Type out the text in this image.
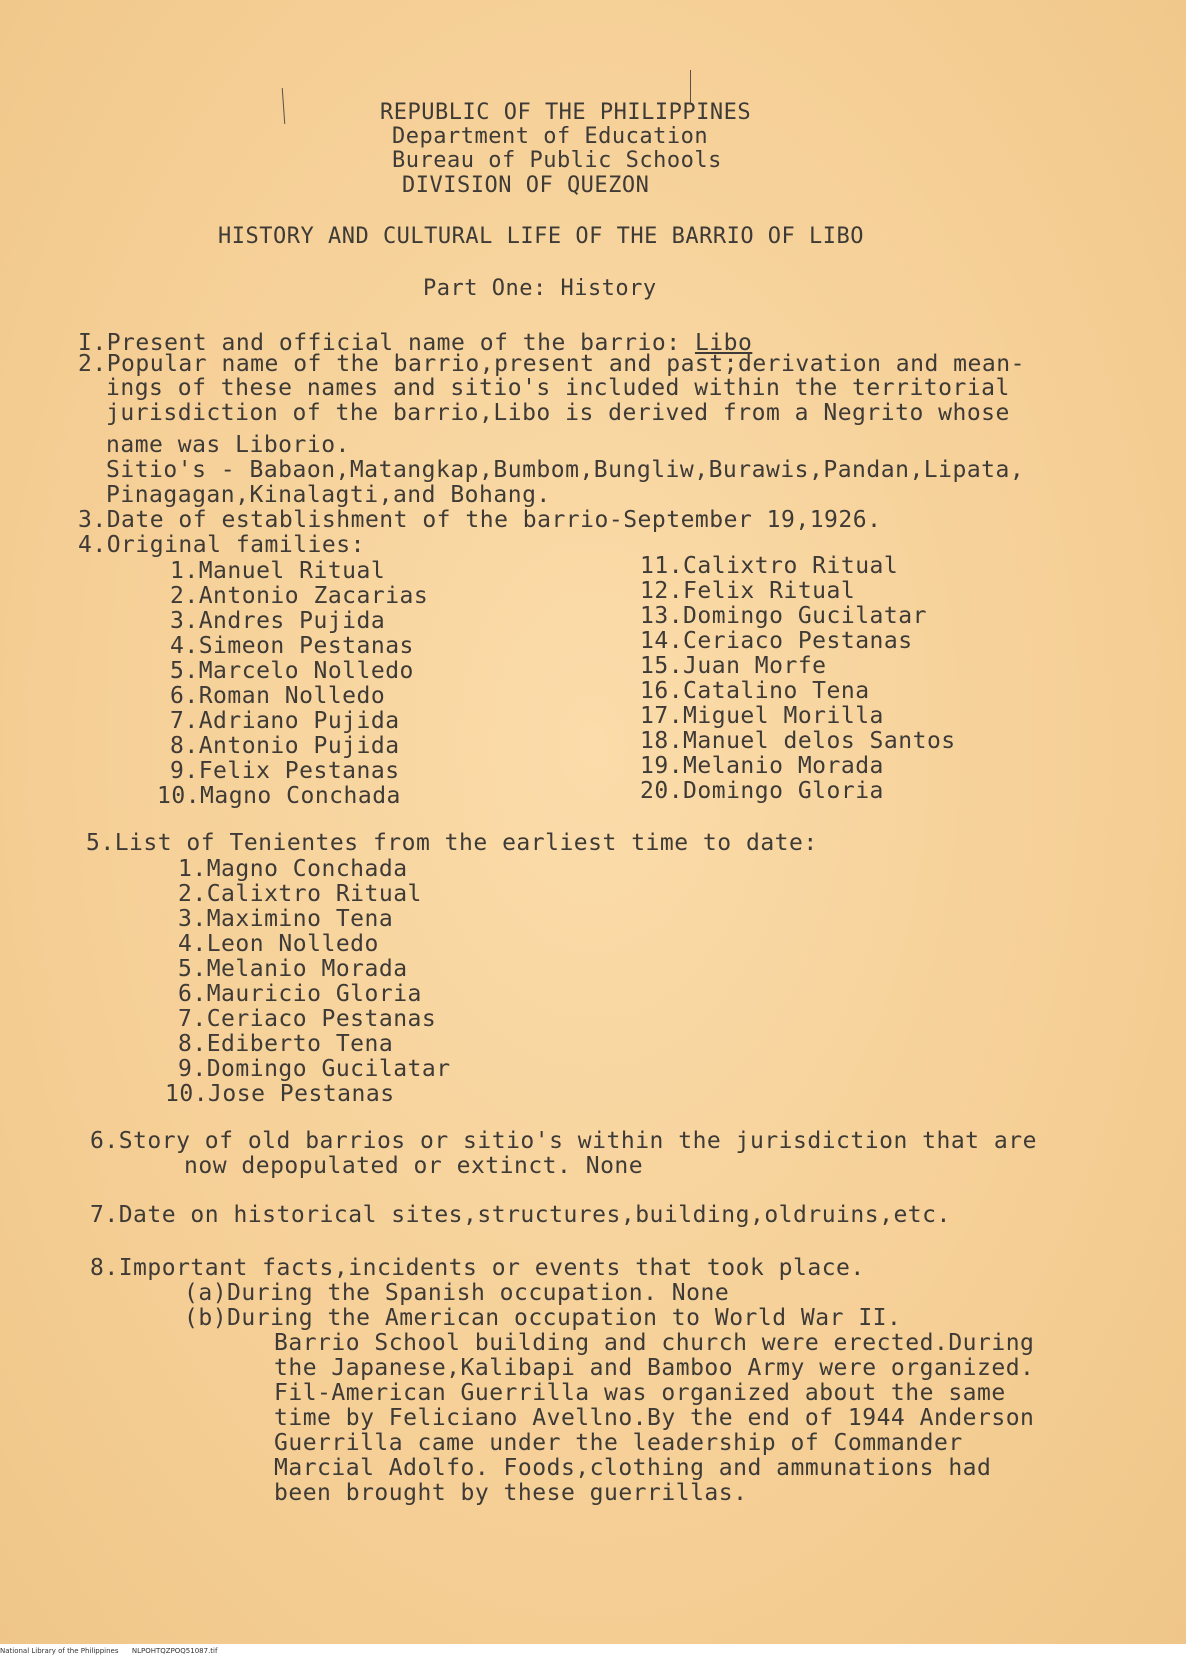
REPUBLIC OF THE PHILIPPINES
Department of Education
Bureau of Public Schools
DIVISION OF QUEZON
HISTORY AND CULTURAL LIFE OF THE BARRIO OF LIBO
Part One: History
I.Present and official name of the barrio: Libo
2.Popular name of the barrio,present and past;derivation and mean-
ings of these names and sitio's included within the territorial
jurisdiction of the barrio,Libo is derived from a Negrito whose
name was Liborio.
Sitio's - Babaon,Matangkap,Bumbom,Bungliw,Burawis,Pandan,Lipata,
Pinagagan,Kinalagti,and Bohang.
3.Date of establishment of the barrio-September 19,1926.
4.Original families:
1.Manuel Ritual
2.Antonio Zacarias
3.Andres Pujida
4.Simeon Pestanas
5.Marcelo Nolledo
6.Roman Nolledo
7.Adriano Pujida
8.Antonio Pujida
9.Felix Pestanas
10.Magno Conchada
11.Calixtro Ritual
12.Felix Ritual
13.Domingo Gucilatar
14.Ceriaco Pestanas
15.Juan Morfe
16.Catalino Tena
17.Miguel Morilla
18.Manuel delos Santos
19.Melanio Morada
20.Domingo Gloria
5.List of Tenientes from the earliest time to date:
1.Magno Conchada
2.Calixtro Ritual
3.Maximino Tena
4.Leon Nolledo
5.Melanio Morada
6.Mauricio Gloria
7.Ceriaco Pestanas
8.Ediberto Tena
9.Domingo Gucilatar
10.Jose Pestanas
6.Story of old barrios or sitio's within the jurisdiction that are
now depopulated or extinct. None
7.Date on historical sites,structures,building,oldruins,etc.
8.Important facts,incidents or events that took place.
(a)During the Spanish occupation. None
(b)During the American occupation to World War II.
Barrio School building and church were erected.During
the Japanese,Kalibapi and Bamboo Army were organized.
Fil-American Guerrilla was organized about the same
time by Feliciano Avellno.By the end of 1944 Anderson
Guerrilla came under the leadership of Commander
Marcial Adolfo. Foods,clothing and ammunations had
been brought by these guerrillas.
National Library of the Philippines NLPOHTQZPOQ51087.tif
